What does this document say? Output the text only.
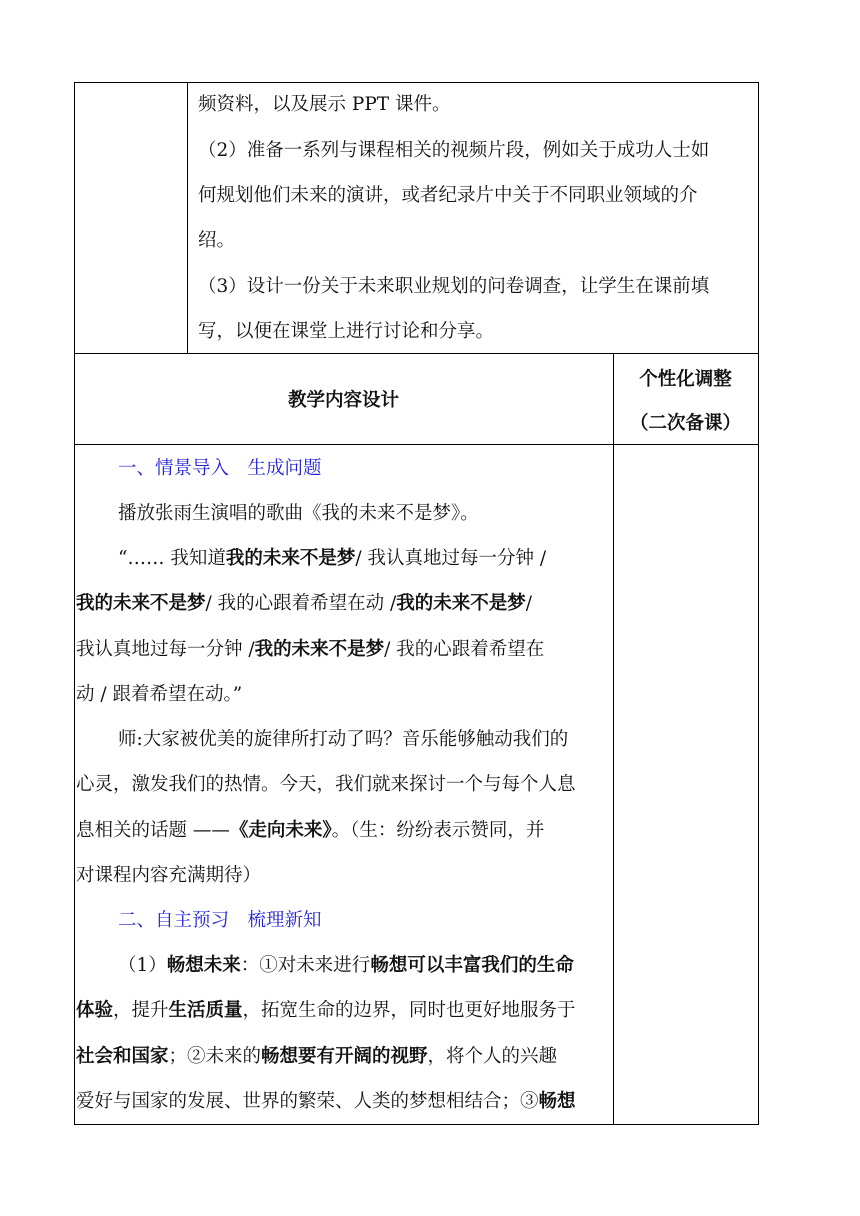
频资料，以及展示 PPT 课件。
（2）准备一系列与课程相关的视频片段，例如关于成功人士如
何规划他们未来的演讲，或者纪录片中关于不同职业领域的介
绍。
（3）设计一份关于未来职业规划的问卷调查，让学生在课前填
写，以便在课堂上进行讨论和分享。
教学内容设计
个性化调整
（二次备课）
一、情景导入　生成问题
播放张雨生演唱的歌曲《我的未来不是梦》。
“…… 我知道我的未来不是梦/ 我认真地过每一分钟 /
我的未来不是梦/ 我的心跟着希望在动 /我的未来不是梦/
我认真地过每一分钟 /我的未来不是梦/ 我的心跟着希望在
动 / 跟着希望在动。”
师:大家被优美的旋律所打动了吗？音乐能够触动我们的
心灵，激发我们的热情。今天，我们就来探讨一个与每个人息
息相关的话题 ——《走向未来》。（生：纷纷表示赞同，并
对课程内容充满期待）
二、自主预习　梳理新知
（1）畅想未来：①对未来进行畅想可以丰富我们的生命
体验，提升生活质量，拓宽生命的边界，同时也更好地服务于
社会和国家；②未来的畅想要有开阔的视野，将个人的兴趣
爱好与国家的发展、世界的繁荣、人类的梦想相结合；③畅想
